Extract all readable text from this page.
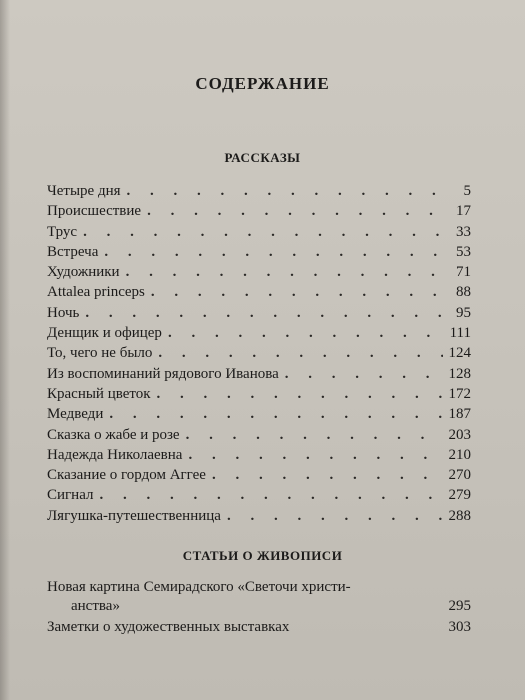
СОДЕРЖАНИЕ
РАССКАЗЫ
Четыре дня . . .	5
Происшествие . . .	17
Трус . . .	33
Встреча . . .	53
Художники . . .	71
Attalea princeps . . .	88
Ночь . . .	95
Денщик и офицер . . .	111
То, чего не было . . .	124
Из воспоминаний рядового Иванова . . .	128
Красный цветок . . .	172
Медведи . . .	187
Сказка о жабе и розе . . .	203
Надежда Николаевна . . .	210
Сказание о гордом Аггее . . .	270
Сигнал . . .	279
Лягушка-путешественница . . .	288
СТАТЬИ О ЖИВОПИСИ
Новая картина Семирадского «Светочи христи-
анства»	295
Заметки о художественных выставках	303
